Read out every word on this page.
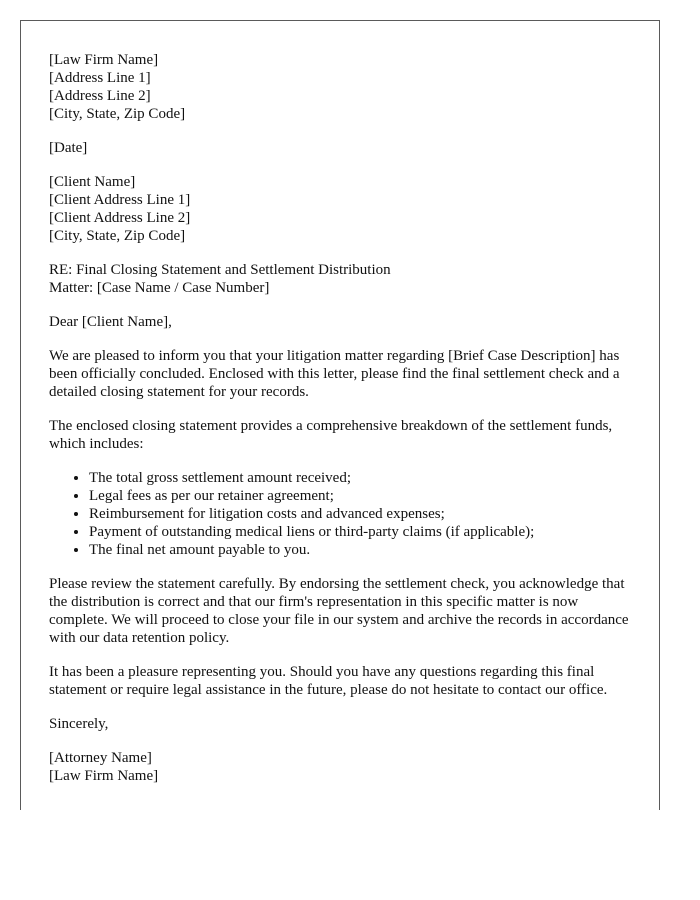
[Law Firm Name]
[Address Line 1]
[Address Line 2]
[City, State, Zip Code]
[Date]
[Client Name]
[Client Address Line 1]
[Client Address Line 2]
[City, State, Zip Code]
RE: Final Closing Statement and Settlement Distribution
Matter: [Case Name / Case Number]

Dear [Client Name],

We are pleased to inform you that your litigation matter regarding [Brief Case Description] has been officially concluded. Enclosed with this letter, please find the final settlement check and a detailed closing statement for your records.

The enclosed closing statement provides a comprehensive breakdown of the settlement funds, which includes:

• The total gross settlement amount received;
• Legal fees as per our retainer agreement;
• Reimbursement for litigation costs and advanced expenses;
• Payment of outstanding medical liens or third-party claims (if applicable);
• The final net amount payable to you.

Please review the statement carefully. By endorsing the settlement check, you acknowledge that the distribution is correct and that our firm's representation in this specific matter is now complete. We will proceed to close your file in our system and archive the records in accordance with our data retention policy.

It has been a pleasure representing you. Should you have any questions regarding this final statement or require legal assistance in the future, please do not hesitate to contact our office.

Sincerely,

[Attorney Name]
[Law Firm Name]
